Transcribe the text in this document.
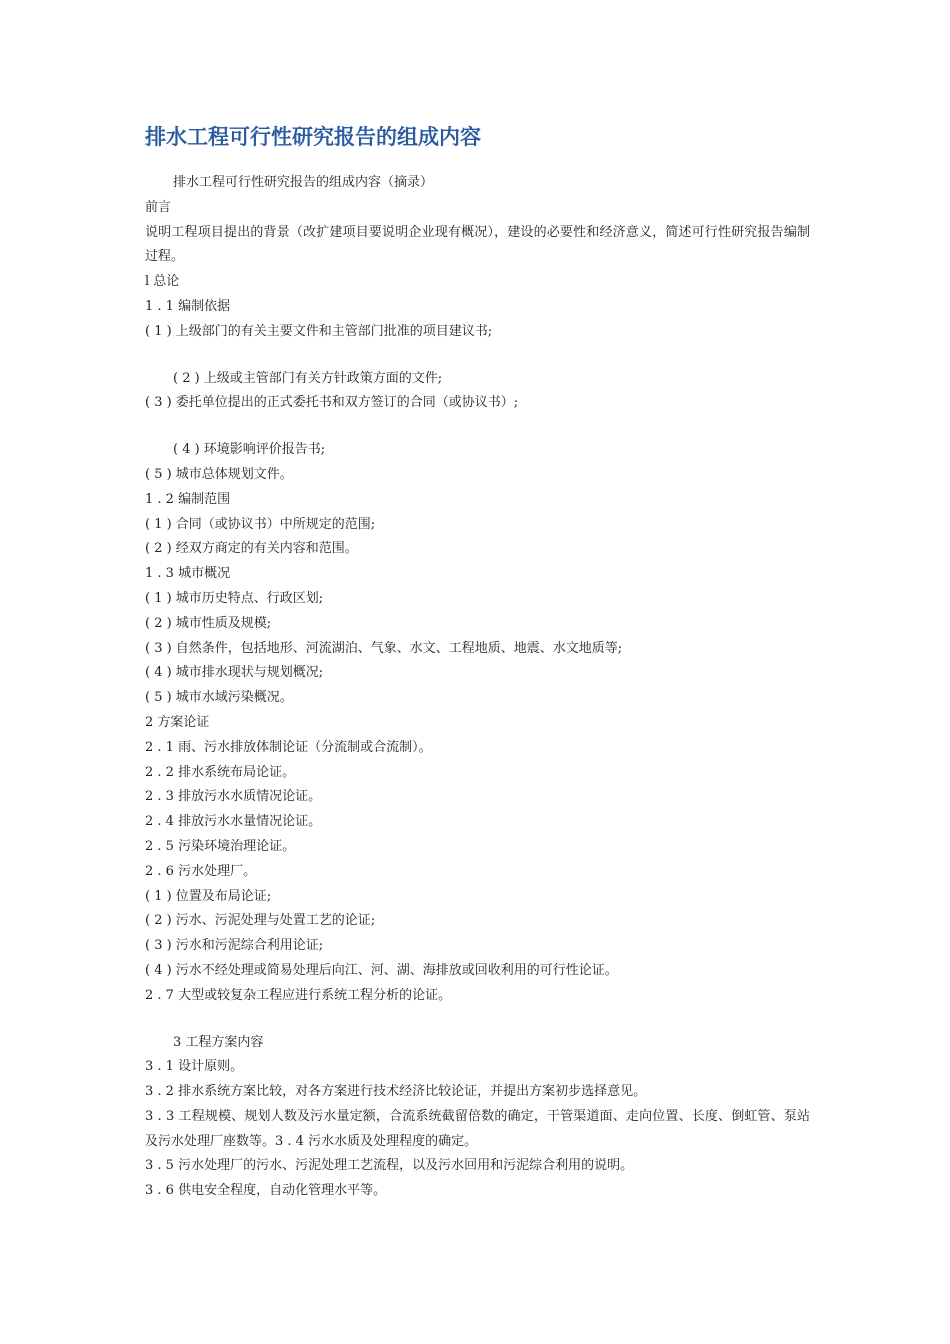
排水工程可行性研究报告的组成内容
排水工程可行性研究报告的组成内容（摘录）
前言
说明工程项目提出的背景（改扩建项目要说明企业现有概况），建设的必要性和经济意义，简述可行性研究报告编制过程。
l 总论
1 . 1 编制依据
( 1 ) 上级部门的有关主要文件和主管部门批准的项目建议书;
( 2 ) 上级或主管部门有关方针政策方面的文件;
( 3 ) 委托单位提出的正式委托书和双方签订的合同（或协议书）;
( 4 ) 环境影响评价报告书;
( 5 ) 城市总体规划文件。
1 . 2 编制范围
( 1 ) 合同（或协议书）中所规定的范围;
( 2 ) 经双方商定的有关内容和范围。
1 . 3 城市概况
( 1 ) 城市历史特点、行政区划;
( 2 ) 城市性质及规模;
( 3 ) 自然条件，包括地形、河流湖泊、气象、水文、工程地质、地震、水文地质等;
( 4 ) 城市排水现状与规划概况;
( 5 ) 城市水域污染概况。
2 方案论证
2 . 1 雨、污水排放体制论证（分流制或合流制）。
2 . 2 排水系统布局论证。
2 . 3 排放污水水质情况论证。
2 . 4 排放污水水量情况论证。
2 . 5 污染环境治理论证。
2 . 6 污水处理厂。
( 1 ) 位置及布局论证;
( 2 ) 污水、污泥处理与处置工艺的论证;
( 3 ) 污水和污泥综合利用论证;
( 4 ) 污水不经处理或简易处理后向江、河、湖、海排放或回收利用的可行性论证。
2 . 7 大型或较复杂工程应进行系统工程分析的论证。
3 工程方案内容
3 . 1 设计原则。
3 . 2 排水系统方案比较，对各方案进行技术经济比较论证，并提出方案初步选择意见。
3 . 3 工程规模、规划人数及污水量定额，合流系统截留倍数的确定，干管渠道面、走向位置、长度、倒虹管、泵站及污水处理厂座数等。3 . 4 污水水质及处理程度的确定。
3 . 5 污水处理厂的污水、污泥处理工艺流程，以及污水回用和污泥综合利用的说明。
3 . 6 供电安全程度，自动化管理水平等。
